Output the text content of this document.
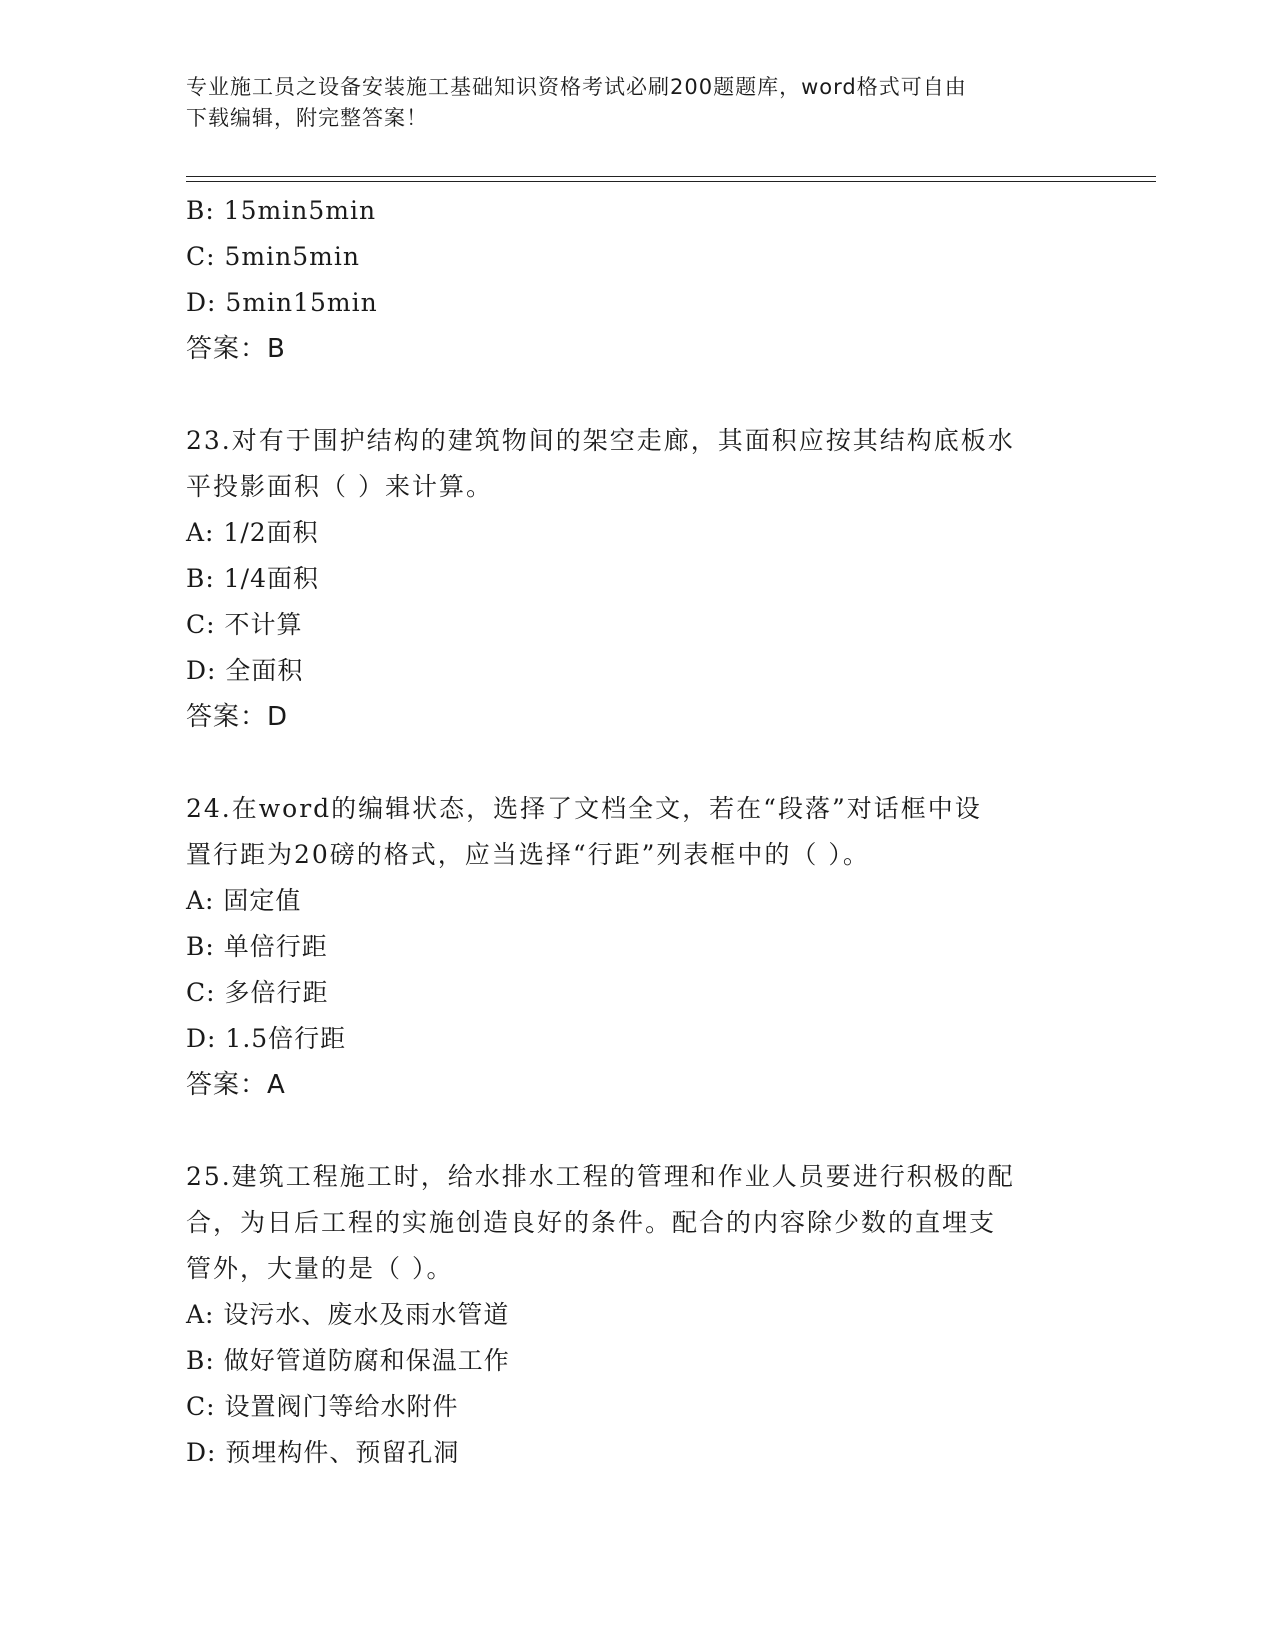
专业施工员之设备安装施工基础知识资格考试必刷200题题库，word格式可自由
下载编辑，附完整答案！
B: 15min5min
C: 5min5min
D: 5min15min
答案：B
23.对有于围护结构的建筑物间的架空走廊，其面积应按其结构底板水
平投影面积（ ）来计算。
A: 1/2面积
B: 1/4面积
C: 不计算
D: 全面积
答案：D
24.在word的编辑状态，选择了文档全文，若在“段落”对话框中设
置行距为20磅的格式，应当选择“行距”列表框中的（ ）。
A: 固定值
B: 单倍行距
C: 多倍行距
D: 1.5倍行距
答案：A
25.建筑工程施工时，给水排水工程的管理和作业人员要进行积极的配
合，为日后工程的实施创造良好的条件。配合的内容除少数的直埋支
管外，大量的是（ ）。
A: 设污水、废水及雨水管道
B: 做好管道防腐和保温工作
C: 设置阀门等给水附件
D: 预埋构件、预留孔洞
